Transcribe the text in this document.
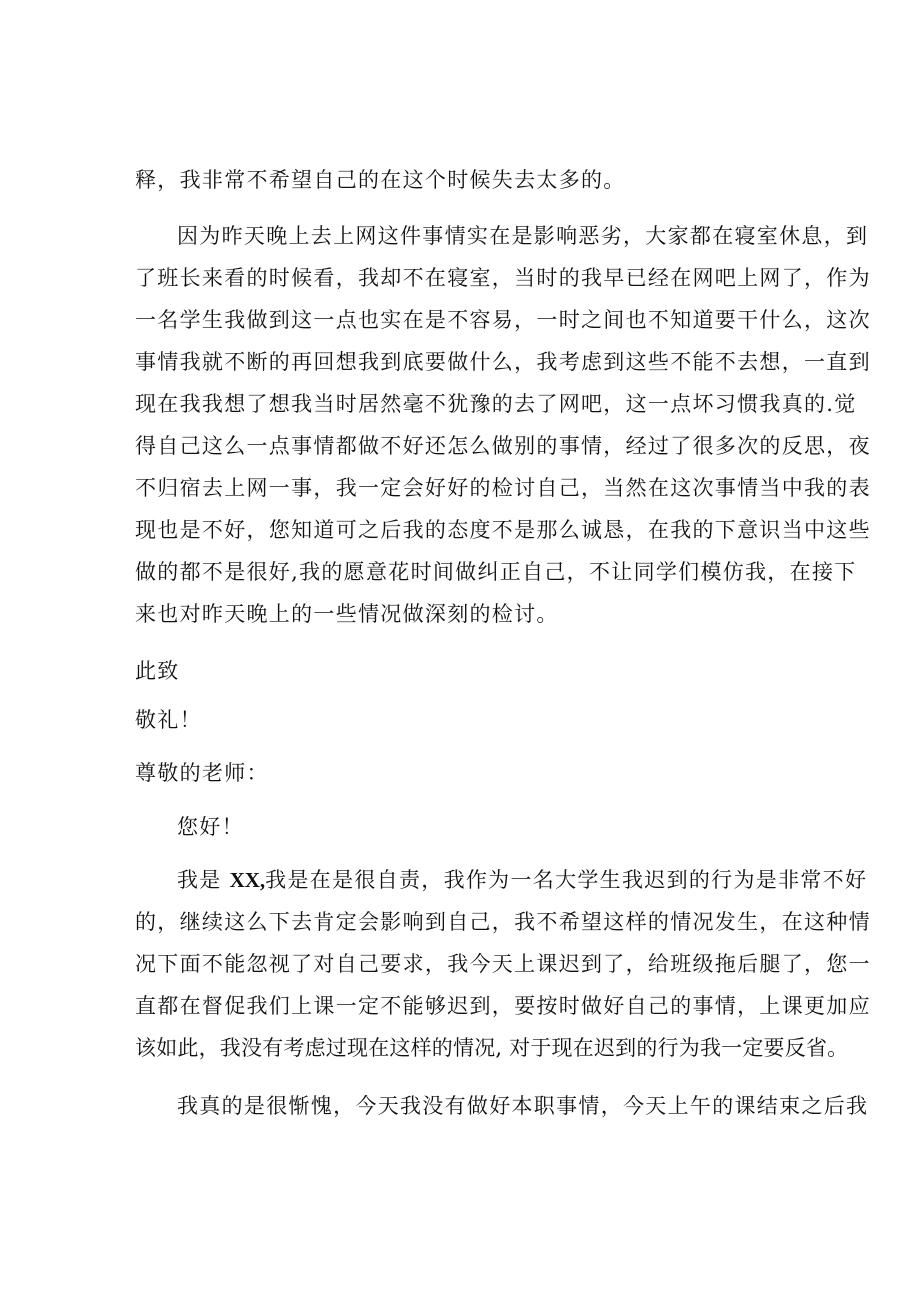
释，我非常不希望自己的在这个时候失去太多的。
因为昨天晚上去上网这件事情实在是影响恶劣，大家都在寝室休息，到
了班长来看的时候看，我却不在寝室，当时的我早已经在网吧上网了，作为
一名学生我做到这一点也实在是不容易，一时之间也不知道要干什么，这次
事情我就不断的再回想我到底要做什么，我考虑到这些不能不去想，一直到
现在我我想了想我当时居然毫不犹豫的去了网吧，这一点坏习惯我真的.觉
得自己这么一点事情都做不好还怎么做别的事情，经过了很多次的反思，夜
不归宿去上网一事，我一定会好好的检讨自己，当然在这次事情当中我的表
现也是不好，您知道可之后我的态度不是那么诚恳，在我的下意识当中这些
做的都不是很好,我的愿意花时间做纠正自己，不让同学们模仿我，在接下
来也对昨天晚上的一些情况做深刻的检讨。
此致
敬礼！
尊敬的老师：
您好！
我是 XX,我是在是很自责，我作为一名大学生我迟到的行为是非常不好
的，继续这么下去肯定会影响到自己，我不希望这样的情况发生，在这种情
况下面不能忽视了对自己要求，我今天上课迟到了，给班级拖后腿了，您一
直都在督促我们上课一定不能够迟到，要按时做好自己的事情，上课更加应
该如此，我没有考虑过现在这样的情况, 对于现在迟到的行为我一定要反省。
我真的是很惭愧，今天我没有做好本职事情，今天上午的课结束之后我
